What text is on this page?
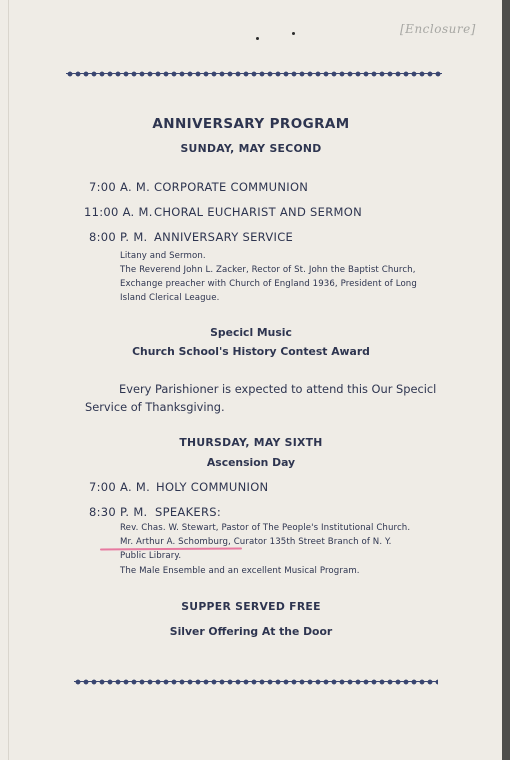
[Enclosure]
ANNIVERSARY PROGRAM
SUNDAY, MAY SECOND
7:00 A. M. CORPORATE COMMUNION
11:00 A. M.CHORAL EUCHARIST AND SERMON
8:00 P. M. ANNIVERSARY SERVICE
Litany and Sermon.
The Reverend John L. Zacker, Rector of St. John the Baptist Church,
Exchange preacher with Church of England 1936, President of Long
Island Clerical League.
Specicl Music
Church School's History Contest Award
Every Parishioner is expected to attend this Our Specicl
Service of Thanksgiving.
THURSDAY, MAY SIXTH
Ascension Day
7:00 A. M. HOLY COMMUNION
8:30 P. M. SPEAKERS:
Rev. Chas. W. Stewart, Pastor of The People's Institutional Church.
Mr. Arthur A. Schomburg, Curator 135th Street Branch of N. Y.
Public Library.
The Male Ensemble and an excellent Musical Program.
SUPPER SERVED FREE
Silver Offering At the Door
